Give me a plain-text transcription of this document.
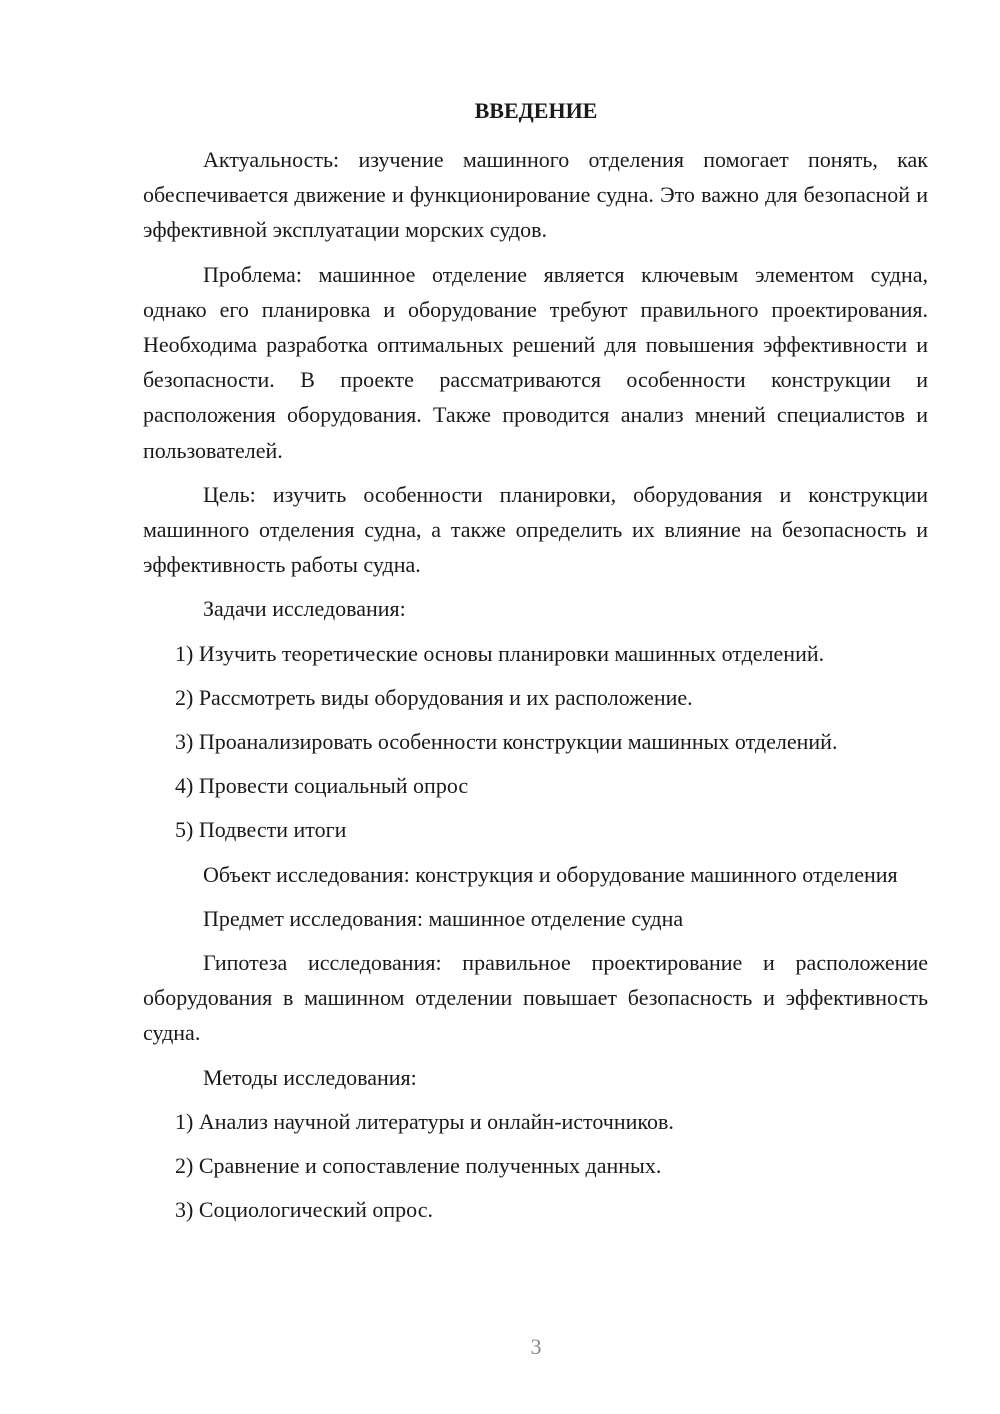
ВВЕДЕНИЕ

Актуальность: изучение машинного отделения помогает понять, как обеспечивается движение и функционирование судна. Это важно для безопасной и эффективной эксплуатации морских судов.

Проблема: машинное отделение является ключевым элементом судна, однако его планировка и оборудование требуют правильного проектирования. Необходима разработка оптимальных решений для повышения эффективности и безопасности. В проекте рассматриваются особенности конструкции и расположения оборудования. Также проводится анализ мнений специалистов и пользователей.

Цель: изучить особенности планировки, оборудования и конструкции машинного отделения судна, а также определить их влияние на безопасность и эффективность работы судна.

Задачи исследования:

1) Изучить теоретические основы планировки машинных отделений.
2) Рассмотреть виды оборудования и их расположение.
3) Проанализировать особенности конструкции машинных отделений.
4) Провести социальный опрос
5) Подвести итоги

Объект исследования: конструкция и оборудование машинного отделения

Предмет исследования: машинное отделение судна

Гипотеза исследования: правильное проектирование и расположение оборудования в машинном отделении повышает безопасность и эффективность судна.

Методы исследования:

1) Анализ научной литературы и онлайн-источников.
2) Сравнение и сопоставление полученных данных.
3) Социологический опрос.
3
